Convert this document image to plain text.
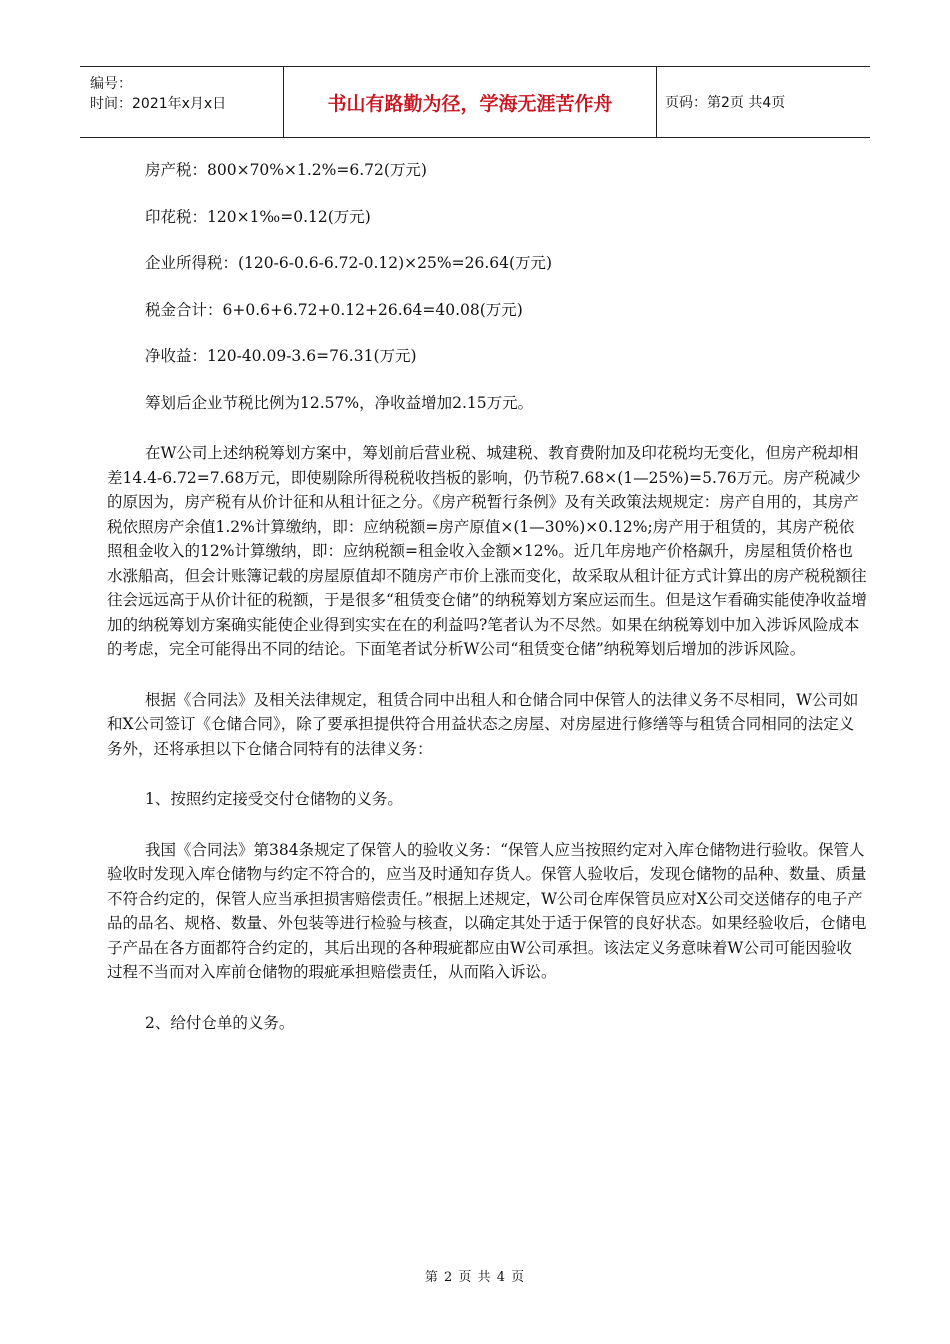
编号：
时间：2021年x月x日	书山有路勤为径，学海无涯苦作舟	页码：第2页 共4页

房产税：800×70%×1.2%=6.72(万元)

印花税：120×1‰=0.12(万元)

企业所得税：(120-6-0.6-6.72-0.12)×25%=26.64(万元)

税金合计：6+0.6+6.72+0.12+26.64=40.08(万元)

净收益：120-40.09-3.6=76.31(万元)

筹划后企业节税比例为12.57%，净收益增加2.15万元。

在W公司上述纳税筹划方案中，筹划前后营业税、城建税、教育费附加及印花税均无变化，但房产税却相差14.4-6.72=7.68万元，即使剔除所得税税收挡板的影响，仍节税7.68×(1—25%)=5.76万元。房产税减少的原因为，房产税有从价计征和从租计征之分。《房产税暂行条例》及有关政策法规规定：房产自用的，其房产税依照房产余值1.2%计算缴纳，即：应纳税额=房产原值×(1—30%)×0.12%;房产用于租赁的，其房产税依照租金收入的12%计算缴纳，即：应纳税额=租金收入金额×12%。近几年房地产价格飙升，房屋租赁价格也水涨船高，但会计账簿记载的房屋原值却不随房产市价上涨而变化，故采取从租计征方式计算出的房产税税额往往会远远高于从价计征的税额，于是很多“租赁变仓储”的纳税筹划方案应运而生。但是这乍看确实能使净收益增加的纳税筹划方案确实能使企业得到实实在在的利益吗?笔者认为不尽然。如果在纳税筹划中加入涉诉风险成本的考虑，完全可能得出不同的结论。下面笔者试分析W公司“租赁变仓储”纳税筹划后增加的涉诉风险。

根据《合同法》及相关法律规定，租赁合同中出租人和仓储合同中保管人的法律义务不尽相同，W公司如和X公司签订《仓储合同》，除了要承担提供符合用益状态之房屋、对房屋进行修缮等与租赁合同相同的法定义务外，还将承担以下仓储合同特有的法律义务：

1、按照约定接受交付仓储物的义务。

我国《合同法》第384条规定了保管人的验收义务：“保管人应当按照约定对入库仓储物进行验收。保管人验收时发现入库仓储物与约定不符合的，应当及时通知存货人。保管人验收后，发现仓储物的品种、数量、质量不符合约定的，保管人应当承担损害赔偿责任。”根据上述规定，W公司仓库保管员应对X公司交送储存的电子产品的品名、规格、数量、外包装等进行检验与核查，以确定其处于适于保管的良好状态。如果经验收后，仓储电子产品在各方面都符合约定的，其后出现的各种瑕疵都应由W公司承担。该法定义务意味着W公司可能因验收过程不当而对入库前仓储物的瑕疵承担赔偿责任，从而陷入诉讼。

2、给付仓单的义务。

第 2 页 共 4 页
